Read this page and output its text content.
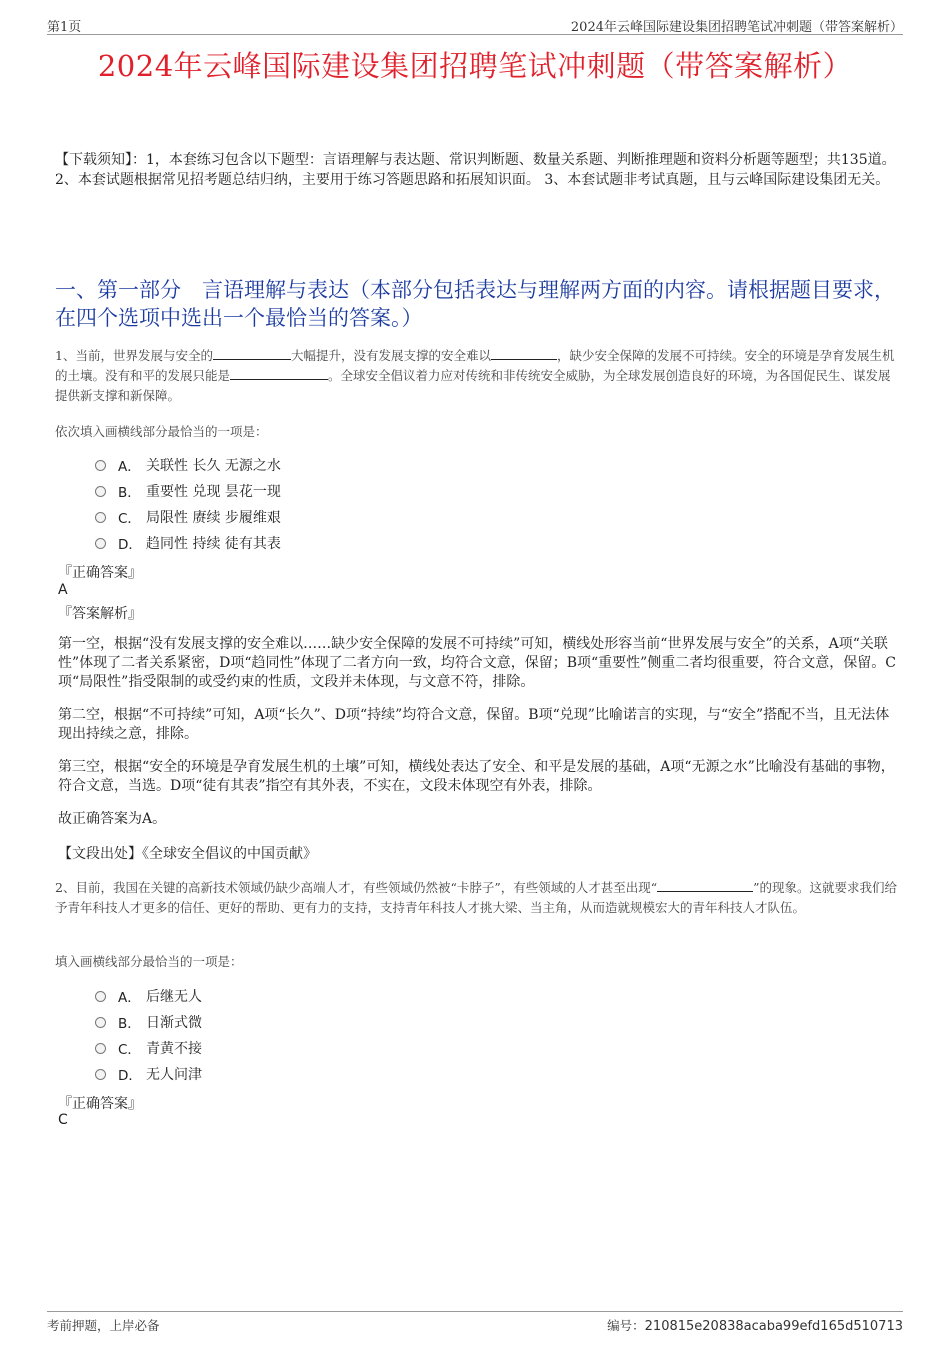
第1页	2024年云峰国际建设集团招聘笔试冲刺题（带答案解析）
2024年云峰国际建设集团招聘笔试冲刺题（带答案解析）
【下载须知】：1，本套练习包含以下题型：言语理解与表达题、常识判断题、数量关系题、判断推理题和资料分析题等题型；共135道。 2、本套试题根据常见招考题总结归纳，主要用于练习答题思路和拓展知识面。 3、本套试题非考试真题，且与云峰国际建设集团无关。
一、第一部分　言语理解与表达（本部分包括表达与理解两方面的内容。请根据题目要求，在四个选项中选出一个最恰当的答案。）
1、当前，世界发展与安全的	大幅提升，没有发展支撑的安全难以	，缺少安全保障的发展不可持续。安全的环境是孕育发展生机的土壤。没有和平的发展只能是	。全球安全倡议着力应对传统和非传统安全威胁，为全球发展创造良好的环境，为各国促民生、谋发展提供新支撑和新保障。
依次填入画横线部分最恰当的一项是：
A． 关联性 长久 无源之水
B． 重要性 兑现 昙花一现
C． 局限性 赓续 步履维艰
D． 趋同性 持续 徒有其表
『正确答案』
A
『答案解析』
第一空，根据“没有发展支撑的安全难以……缺少安全保障的发展不可持续”可知，横线处形容当前“世界发展与安全”的关系，A项“关联性”体现了二者关系紧密，D项“趋同性”体现了二者方向一致，均符合文意，保留；B项“重要性”侧重二者均很重要，符合文意，保留。C项“局限性”指受限制的或受约束的性质，文段并未体现，与文意不符，排除。
第二空，根据“不可持续”可知，A项“长久”、D项“持续”均符合文意，保留。B项“兑现”比喻诺言的实现，与“安全”搭配不当，且无法体现出持续之意，排除。
第三空，根据“安全的环境是孕育发展生机的土壤”可知，横线处表达了安全、和平是发展的基础，A项“无源之水”比喻没有基础的事物，符合文意，当选。D项“徒有其表”指空有其外表，不实在，文段未体现空有外表，排除。
故正确答案为A。
【文段出处】《全球安全倡议的中国贡献》
2、目前，我国在关键的高新技术领域仍缺少高端人才，有些领域仍然被“卡脖子”，有些领域的人才甚至出现“	”的现象。这就要求我们给予青年科技人才更多的信任、更好的帮助、更有力的支持，支持青年科技人才挑大梁、当主角，从而造就规模宏大的青年科技人才队伍。
填入画横线部分最恰当的一项是：
A． 后继无人
B． 日渐式微
C． 青黄不接
D． 无人问津
『正确答案』
C
考前押题，上岸必备	编号：210815e20838acaba99efd165d510713
